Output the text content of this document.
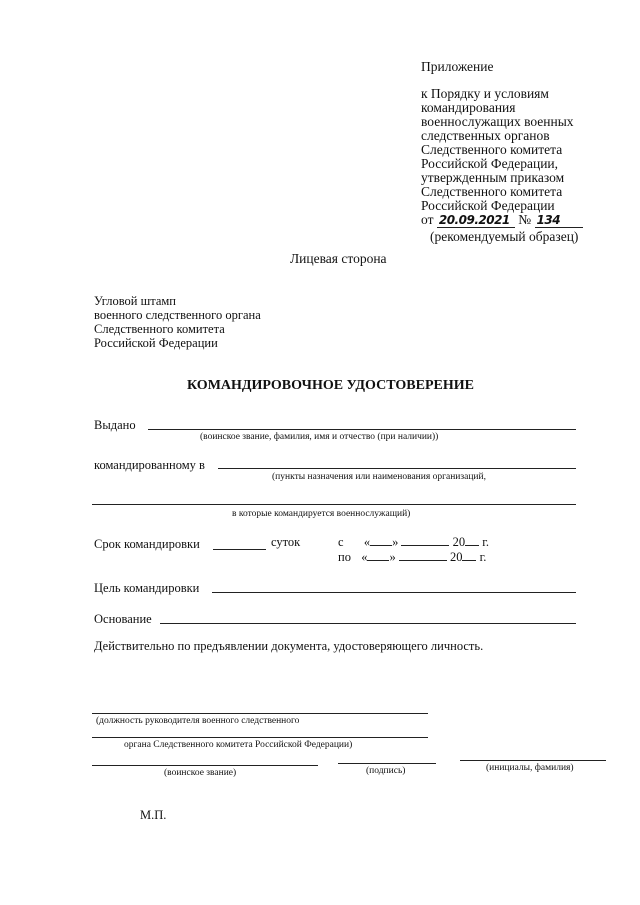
Приложение
к Порядку и условиям
командирования
военнослужащих военных
следственных органов
Следственного комитета
Российской Федерации,
утвержденным приказом
Следственного комитета
Российской Федерации
от 20.09.2021 № 134
(рекомендуемый образец)
Лицевая сторона
Угловой штамп
военного следственного органа
Следственного комитета
Российской Федерации
КОМАНДИРОВОЧНОЕ УДОСТОВЕРЕНИЕ
Выдано
(воинское звание, фамилия, имя и отчество (при наличии))
командированному в
(пункты назначения или наименования организаций,
в которые командируется военнослужащий)
Срок командировки	суток	с « »	20 г.
по « »	20 г.
Цель командировки
Основание
Действительно по предъявлении документа, удостоверяющего личность.
(должность руководителя военного следственного
органа Следственного комитета Российской Федерации)
(воинское звание)	(подпись)	(инициалы, фамилия)
М.П.
